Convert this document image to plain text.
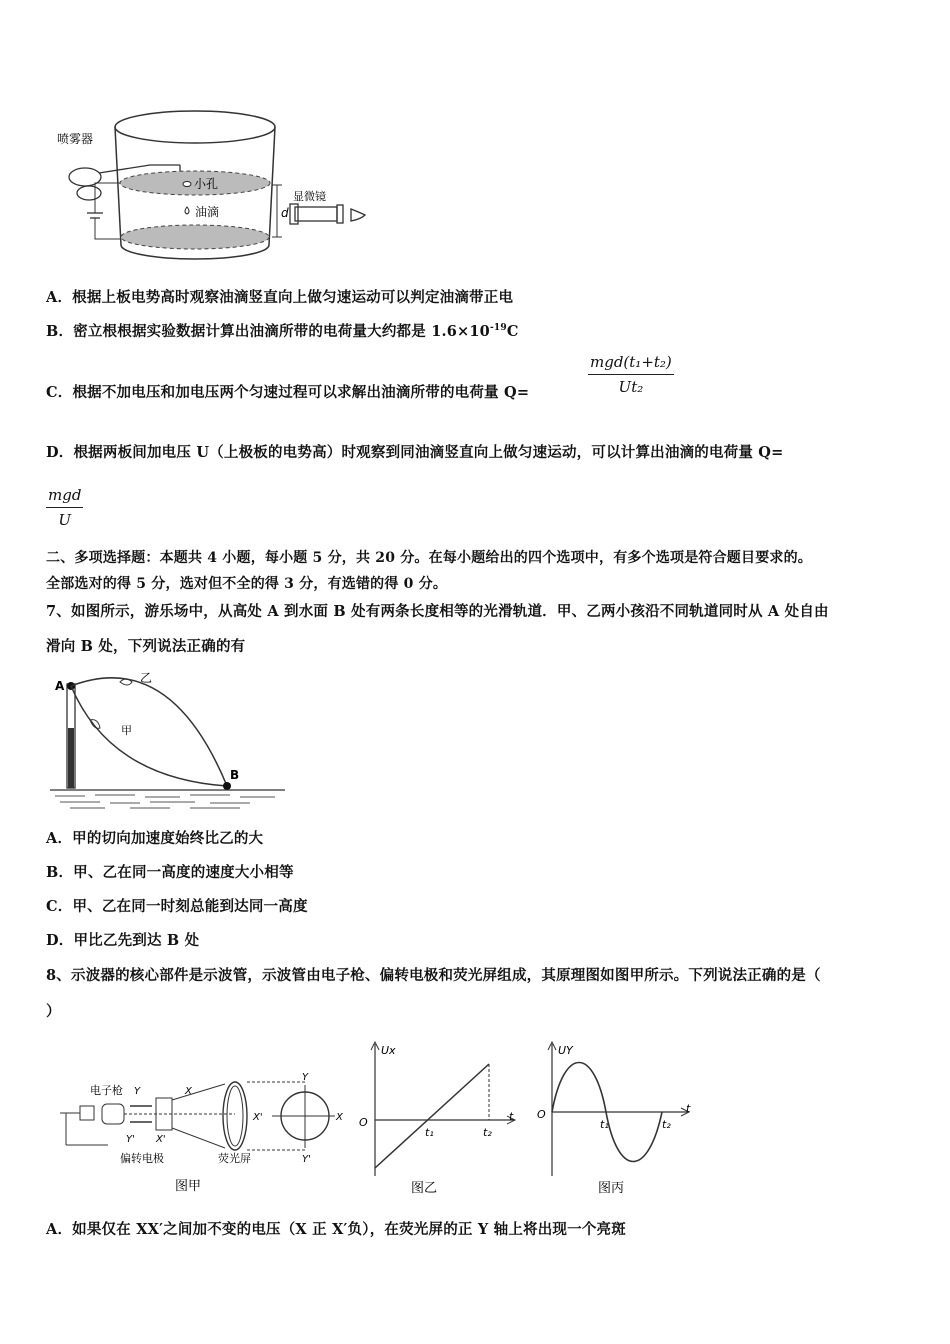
喷雾器
小孔
油滴
显微镜
d
A．根据上板电势高时观察油滴竖直向上做匀速运动可以判定油滴带正电
B．密立根根据实验数据计算出油滴所带的电荷量大约都是 $1.6\times 10^{-19}C$
C．根据不加电压和加电压两个匀速过程可以求解出油滴所带的电荷量 Q=
mgd(t₁+t₂)
Ut₂
D．根据两板间加电压 U（上极板的电势高）时观察到同油滴竖直向上做匀速运动，可以计算出油滴的电荷量 Q=
mgd
U
二、多项选择题：本题共 4 小题，每小题 5 分，共 20 分。在每小题给出的四个选项中，有多个选项是符合题目要求的。
全部选对的得 5 分，选对但不全的得 3 分，有选错的得 0 分。
7、如图所示，游乐场中，从高处 A 到水面 B 处有两条长度相等的光滑轨道．甲、乙两小孩沿不同轨道同时从 A 处自由
滑向 B 处，下列说法正确的有
A
B
乙
甲
A．甲的切向加速度始终比乙的大
B．甲、乙在同一高度的速度大小相等
C．甲、乙在同一时刻总能到达同一高度
D．甲比乙先到达 B 处
8、示波器的核心部件是示波管，示波管由电子枪、偏转电极和荧光屏组成，其原理图如图甲所示。下列说法正确的是（
）
电子枪 Y	X
Y' X'
X'	X
Y
Y'
偏转电极	荧光屏
图甲
Ux
O
t₁	t₂
t
图乙
UY
O
t₁	t₂
t
图丙
A．如果仅在 XX′之间加不变的电压（X 正 X′负），在荧光屏的正 Y 轴上将出现一个亮斑
